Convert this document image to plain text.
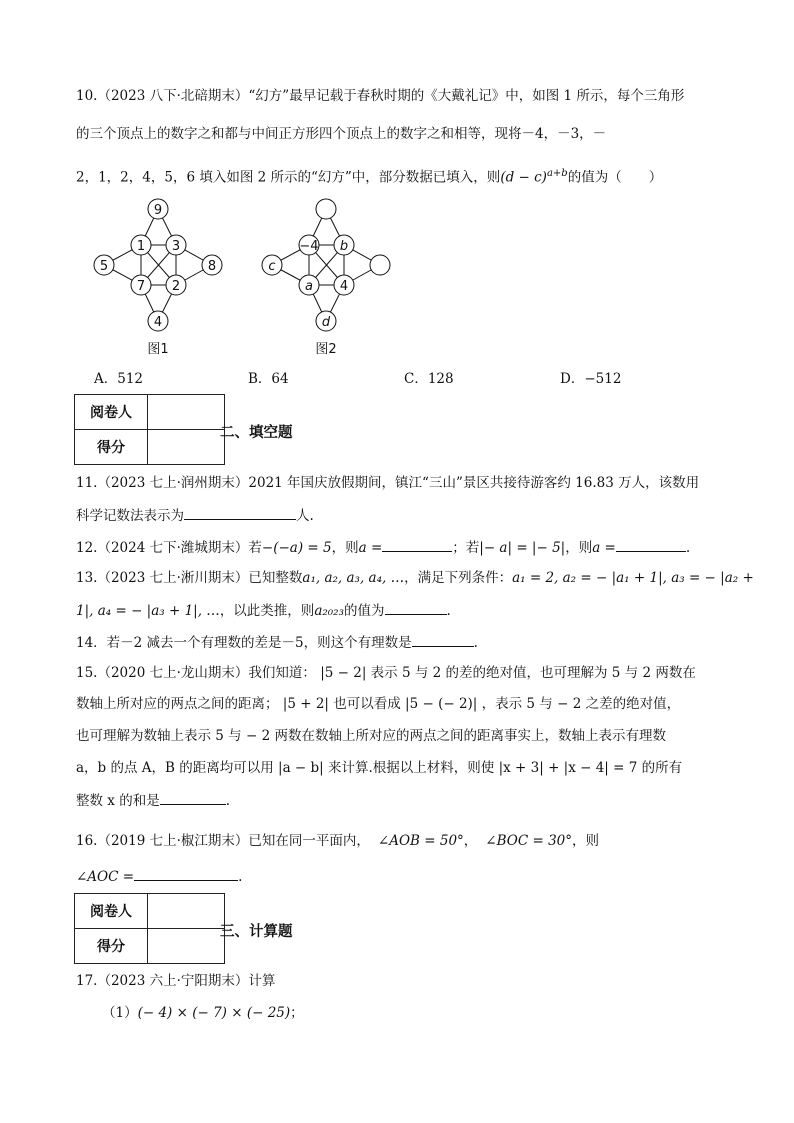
10.（2023 八下·北碚期末）“幻方”最早记载于春秋时期的《大戴礼记》中，如图 1 所示，每个三角形
的三个顶点上的数字之和都与中间正方形四个顶点上的数字之和相等，现将－4，－3，－
2，1，2，4，5，6 填入如图 2 所示的“幻方”中，部分数据已填入，则$(d - c)^{a+b}$的值为（　　）
9
1 3
5	8
7 2
4
图1
−4 b
c
a 4
d
图2
A．512	B．64	C．128	D．−512
阅卷人	
得分	
二、填空题
11.（2023 七上·润州期末）2021 年国庆放假期间，镇江“三山”景区共接待游客约 16.83 万人，该数用
科学记数法表示为	人.
12.（2024 七下·潍城期末）若−(−a) = 5，则a =	；若|− a| = |− 5|，则a =	.
13.（2023 七上·淅川期末）已知整数a₁, a₂, a₃, a₄, …，满足下列条件：a₁ = 2, a₂ = − |a₁ + 1|, a₃ = − |a₂ +
1|, a₄ = − |a₃ + 1|, …，以此类推，则a₂₀₂₃的值为	.
14．若－2 减去一个有理数的差是－5，则这个有理数是	.
15.（2020 七上·龙山期末）我们知道： |5 − 2| 表示 5 与 2 的差的绝对值，也可理解为 5 与 2 两数在
数轴上所对应的两点之间的距离； |5 + 2| 也可以看成 |5 − (− 2)| ，表示 5 与 − 2 之差的绝对值，
也可理解为数轴上表示 5 与 − 2 两数在数轴上所对应的两点之间的距离事实上，数轴上表示有理数
a，b 的点 A，B 的距离均可以用 |a − b| 来计算.根据以上材料，则使 |x + 3| + |x − 4| = 7 的所有
整数 x 的和是	.
16.（2019 七上·椒江期末）已知在同一平面内， ∠AOB = 50°， ∠BOC = 30°，则
∠AOC =	.
阅卷人	
得分	
三、计算题
17.（2023 六上·宁阳期末）计算
（1）(− 4) × (− 7) × (− 25)；
